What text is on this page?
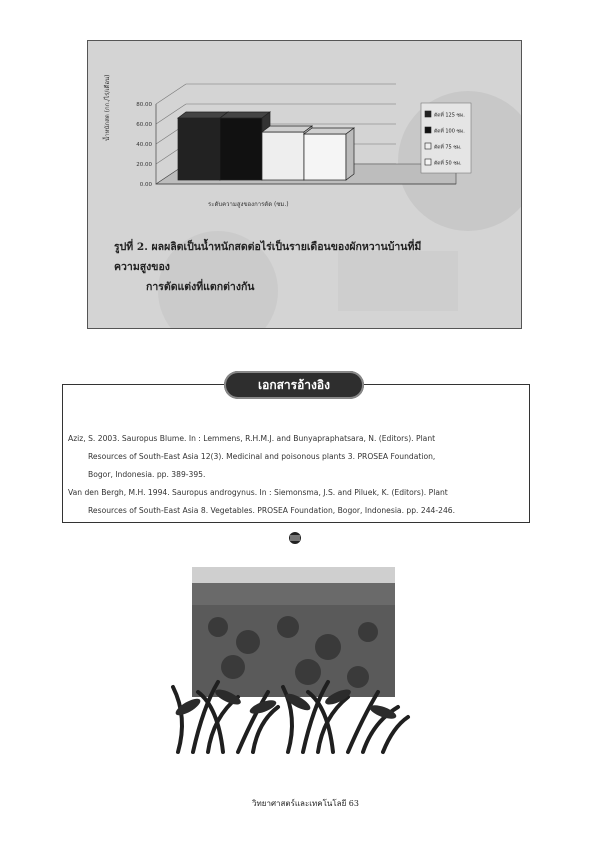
0.00
20.00
40.00
60.00
80.00
ตัดที่ 125 ซม.
ตัดที่ 100 ซม.
ตัดที่ 75 ซม.
ตัดที่ 50 ซม.
น้ำหนักสด (กก./ไร่/เดือน)
ระดับความสูงของการตัด (ซม.)
รูปที่ 2. ผลผลิตเป็นน้ำหนักสดต่อไร่เป็นรายเดือนของผักหวานบ้านที่มีความสูงของ
การตัดแต่งที่แตกต่างกัน
เอกสารอ้างอิง
Aziz, S. 2003. Sauropus Blume. In : Lemmens, R.H.M.J. and Bunyapraphatsara, N. (Editors). Plant
Resources of South-East Asia 12(3). Medicinal and poisonous plants 3. PROSEA Foundation,
Bogor, Indonesia. pp. 389-395.
Van den Bergh, M.H. 1994. Sauropus androgynus. In : Siemonsma, J.S. and Piluek, K. (Editors). Plant
Resources of South-East Asia 8. Vegetables. PROSEA Foundation, Bogor, Indonesia. pp. 244-246.
วิทยาศาสตร์และเทคโนโลยี 63
